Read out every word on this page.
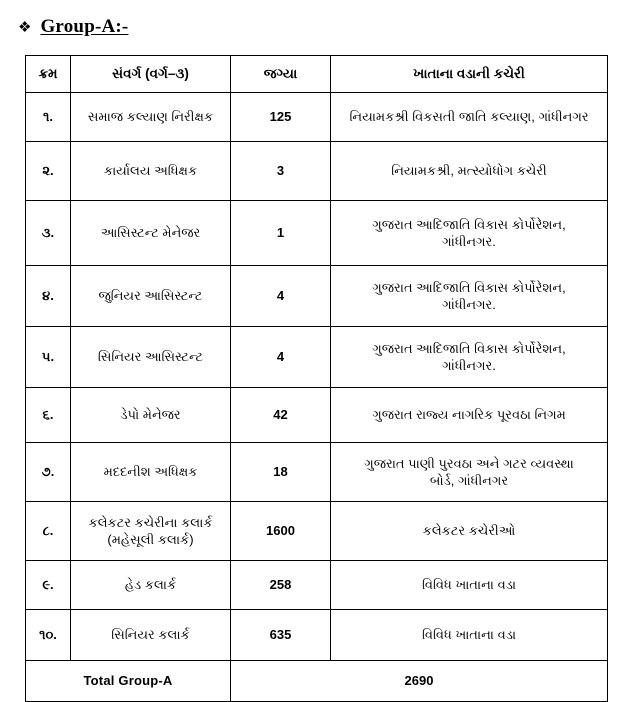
❖ Group-A:-
ક્રમ	સંવર્ગ (વર્ગ–૩)	જગ્યા	ખાતાના વડાની કચેરી
૧.	સમાજ કલ્યાણ નિરીક્ષક	125	નિયામકશ્રી વિકસતી જાતિ કલ્યાણ, ગાંધીનગર

૨.	કાર્યાલય અધિક્ષક	3	નિયામકશ્રી, મત્સ્યોધોગ કચેરી

૩.	આસિસ્ટન્ટ મેનેજર	1	ગુજરાત આદિજાતિ વિકાસ કોર્પોરેશન,
ગાંધીનગર.

૪.	જુનિયર આસિસ્ટન્ટ	4	ગુજરાત આદિજાતિ વિકાસ કોર્પોરેશન,
ગાંધીનગર.

૫.	સિનિયર આસિસ્ટન્ટ	4	ગુજરાત આદિજાતિ વિકાસ કોર્પોરેશન,
ગાંધીનગર.

૬.	ડેપો મેનેજર	42	ગુજરાત રાજ્ય નાગરિક પૂરવઠા નિગમ

૭.	મદદનીશ અધિક્ષક	18	ગુજરાત પાણી પુરવઠા અને ગટર વ્યવસ્થા
બોર્ડ, ગાંધીનગર

૮.	કલેકટર કચેરીના કલાર્ક (મહેસૂલી કલાર્ક)	1600	કલેકટર કચેરીઓ

૯.	હેડ કલાર્ક	258	વિવિધ ખાતાના વડા

૧૦.	સિનિયર કલાર્ક	635	વિવિધ ખાતાના વડા

Total Group-A		2690	
